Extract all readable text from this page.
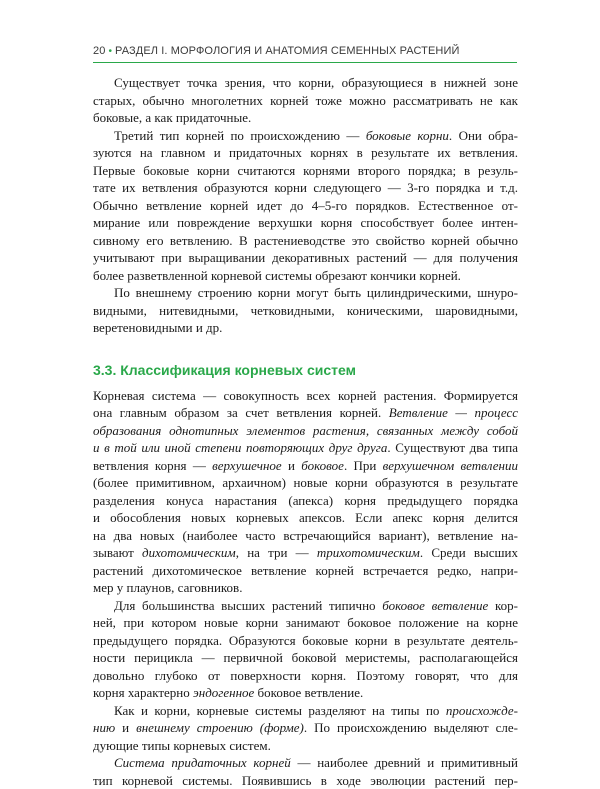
20 • РАЗДЕЛ I. МОРФОЛОГИЯ И АНАТОМИЯ СЕМЕННЫХ РАСТЕНИЙ
Существует точка зрения, что корни, образующиеся в нижней зоне
старых, обычно многолетних корней тоже можно рассматривать не как
боковые, а как придаточные.
Третий тип корней по происхождению — боковые корни. Они обра-
зуются на главном и придаточных корнях в результате их ветвления.
Первые боковые корни считаются корнями второго порядка; в резуль-
тате их ветвления образуются корни следующего — 3-го порядка и т.д.
Обычно ветвление корней идет до 4–5-го порядков. Естественное от-
мирание или повреждение верхушки корня способствует более интен-
сивному его ветвлению. В растениеводстве это свойство корней обычно
учитывают при выращивании декоративных растений — для получения
более разветвленной корневой системы обрезают кончики корней.
По внешнему строению корни могут быть цилиндрическими, шнуро-
видными, нитевидными, четковидными, коническими, шаровидными,
веретеновидными и др.
3.3. Классификация корневых систем
Корневая система — совокупность всех корней растения. Формируется
она главным образом за счет ветвления корней. Ветвление — процесс
образования однотипных элементов растения, связанных между собой
и в той или иной степени повторяющих друг друга. Существуют два типа
ветвления корня — верхушечное и боковое. При верхушечном ветвлении
(более примитивном, архаичном) новые корни образуются в результате
разделения конуса нарастания (апекса) корня предыдущего порядка
и обособления новых корневых апексов. Если апекс корня делится
на два новых (наиболее часто встречающийся вариант), ветвление на-
зывают дихотомическим, на три — трихотомическим. Среди высших
растений дихотомическое ветвление корней встречается редко, напри-
мер у плаунов, саговников.
Для большинства высших растений типично боковое ветвление кор-
ней, при котором новые корни занимают боковое положение на корне
предыдущего порядка. Образуются боковые корни в результате деятель-
ности перицикла — первичной боковой меристемы, располагающейся
довольно глубоко от поверхности корня. Поэтому говорят, что для
корня характерно эндогенное боковое ветвление.
Как и корни, корневые системы разделяют на типы по происхожде-
нию и внешнему строению (форме). По происхождению выделяют сле-
дующие типы корневых систем.
Система придаточных корней — наиболее древний и примитивный
тип корневой системы. Появившись в ходе эволюции растений пер-
